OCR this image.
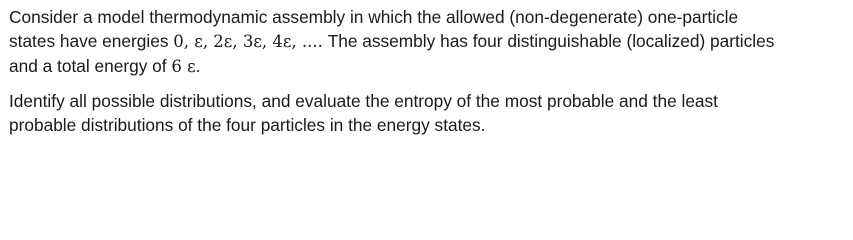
Consider a model thermodynamic assembly in which the allowed (non-degenerate) one-particle
states have energies 0, ε, 2ε, 3ε, 4ε, .... The assembly has four distinguishable (localized) particles
and a total energy of 6 ε.

Identify all possible distributions, and evaluate the entropy of the most probable and the least
probable distributions of the four particles in the energy states.
